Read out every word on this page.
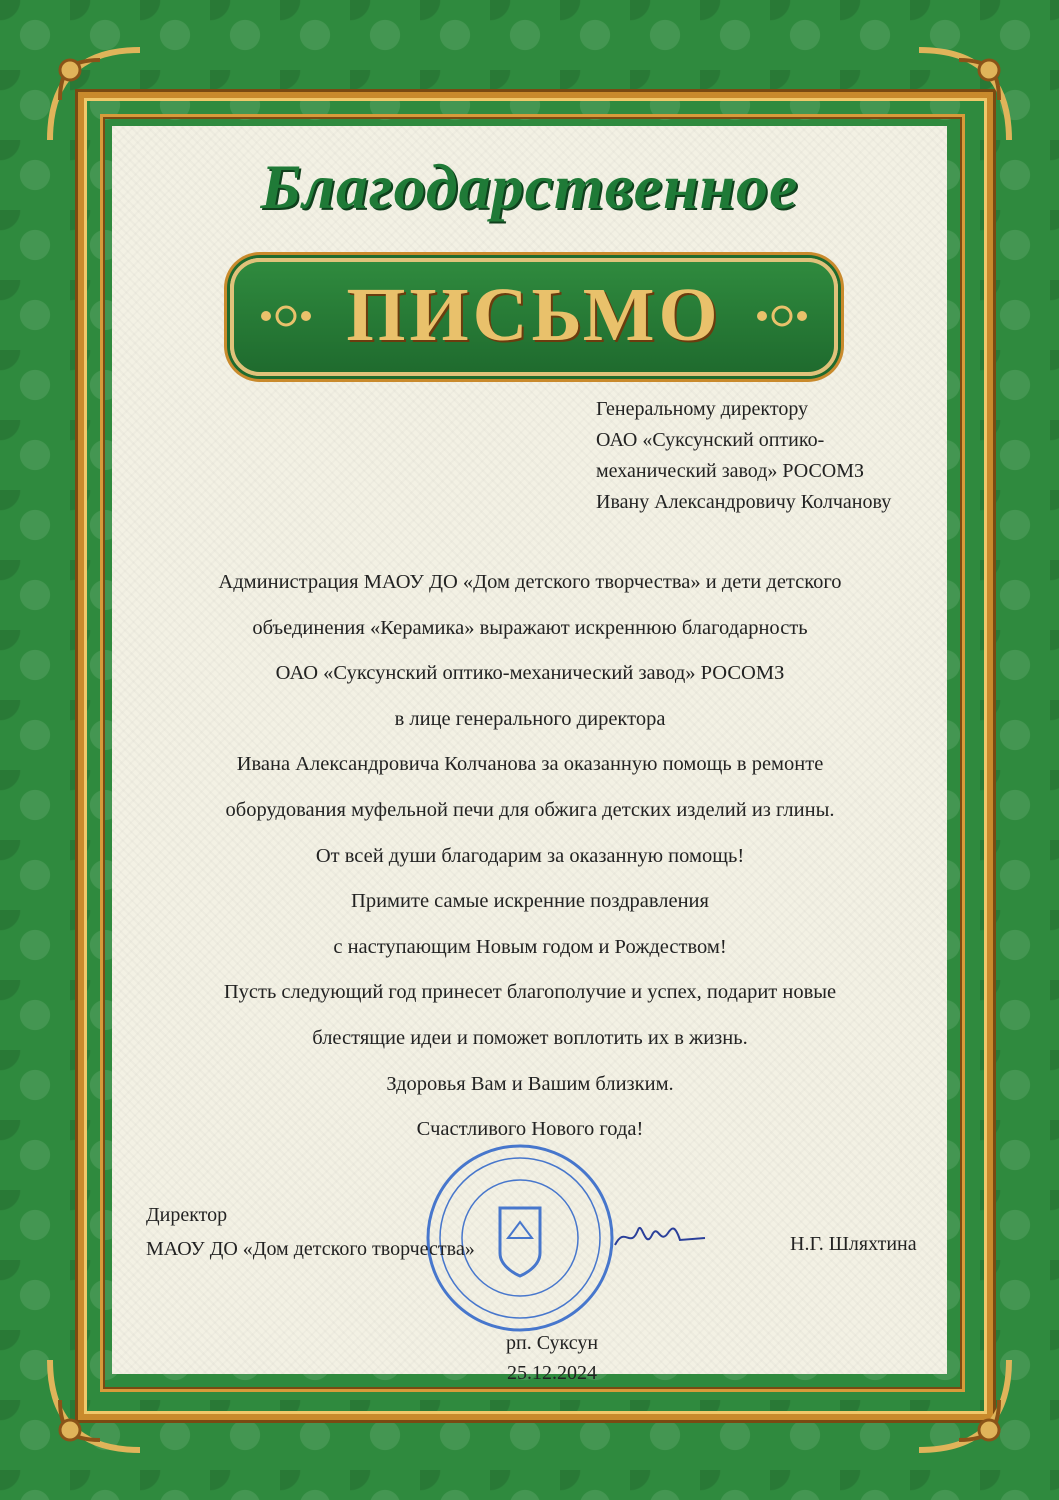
Благодарственное
ПИСЬМО
Генеральному директору
ОАО «Суксунский оптико-
механический завод» РОСОМЗ
Ивану Александровичу Колчанову
Администрация МАОУ ДО «Дом детского творчества» и дети детского
объединения «Керамика» выражают искреннюю благодарность
ОАО «Суксунский оптико-механический завод» РОСОМЗ
в лице генерального директора
Ивана Александровича Колчанова за оказанную помощь в ремонте
оборудования муфельной печи для обжига детских изделий из глины.
От всей души благодарим за оказанную помощь!
Примите самые искренние поздравления
с наступающим Новым годом и Рождеством!
Пусть следующий год принесет благополучие и успех, подарит новые
блестящие идеи и поможет воплотить их в жизнь.
Здоровья Вам и Вашим близким.
Счастливого Нового года!
Директор
МАОУ ДО «Дом детского творчества»	Н.Г. Шляхтина
рп. Суксун
25.12.2024
